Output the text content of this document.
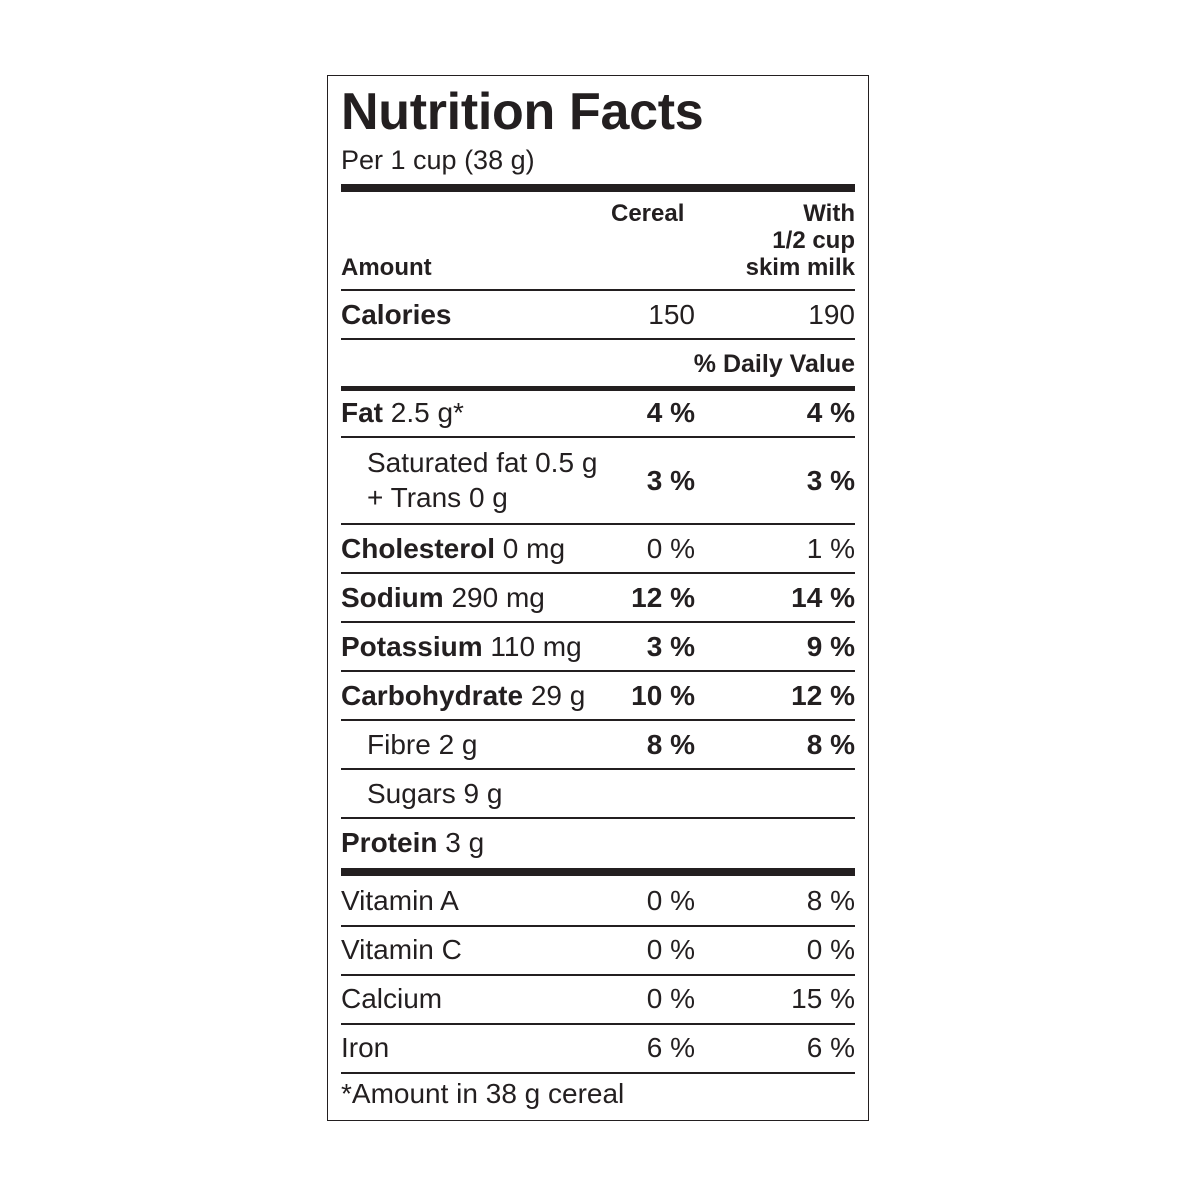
Nutrition Facts
Per 1 cup (38 g)
Cereal	With
1/2 cup
skim milk
Amount
Calories	150	190
% Daily Value
Fat 2.5 g*	4 %	4 %
Saturated fat 0.5 g
+ Trans 0 g
3 %	3 %
Cholesterol 0 mg	0 %	1 %
Sodium 290 mg	12 %	14 %
Potassium 110 mg 3 %	9 %
Carbohydrate 29 g 10 %	12 %
Fibre 2 g	8 %	8 %
Sugars 9 g
Protein 3 g
Vitamin A	0 %	8 %
Vitamin C	0 %	0 %
Calcium	0 %	15 %
Iron	6 %	6 %
*Amount in 38 g cereal
